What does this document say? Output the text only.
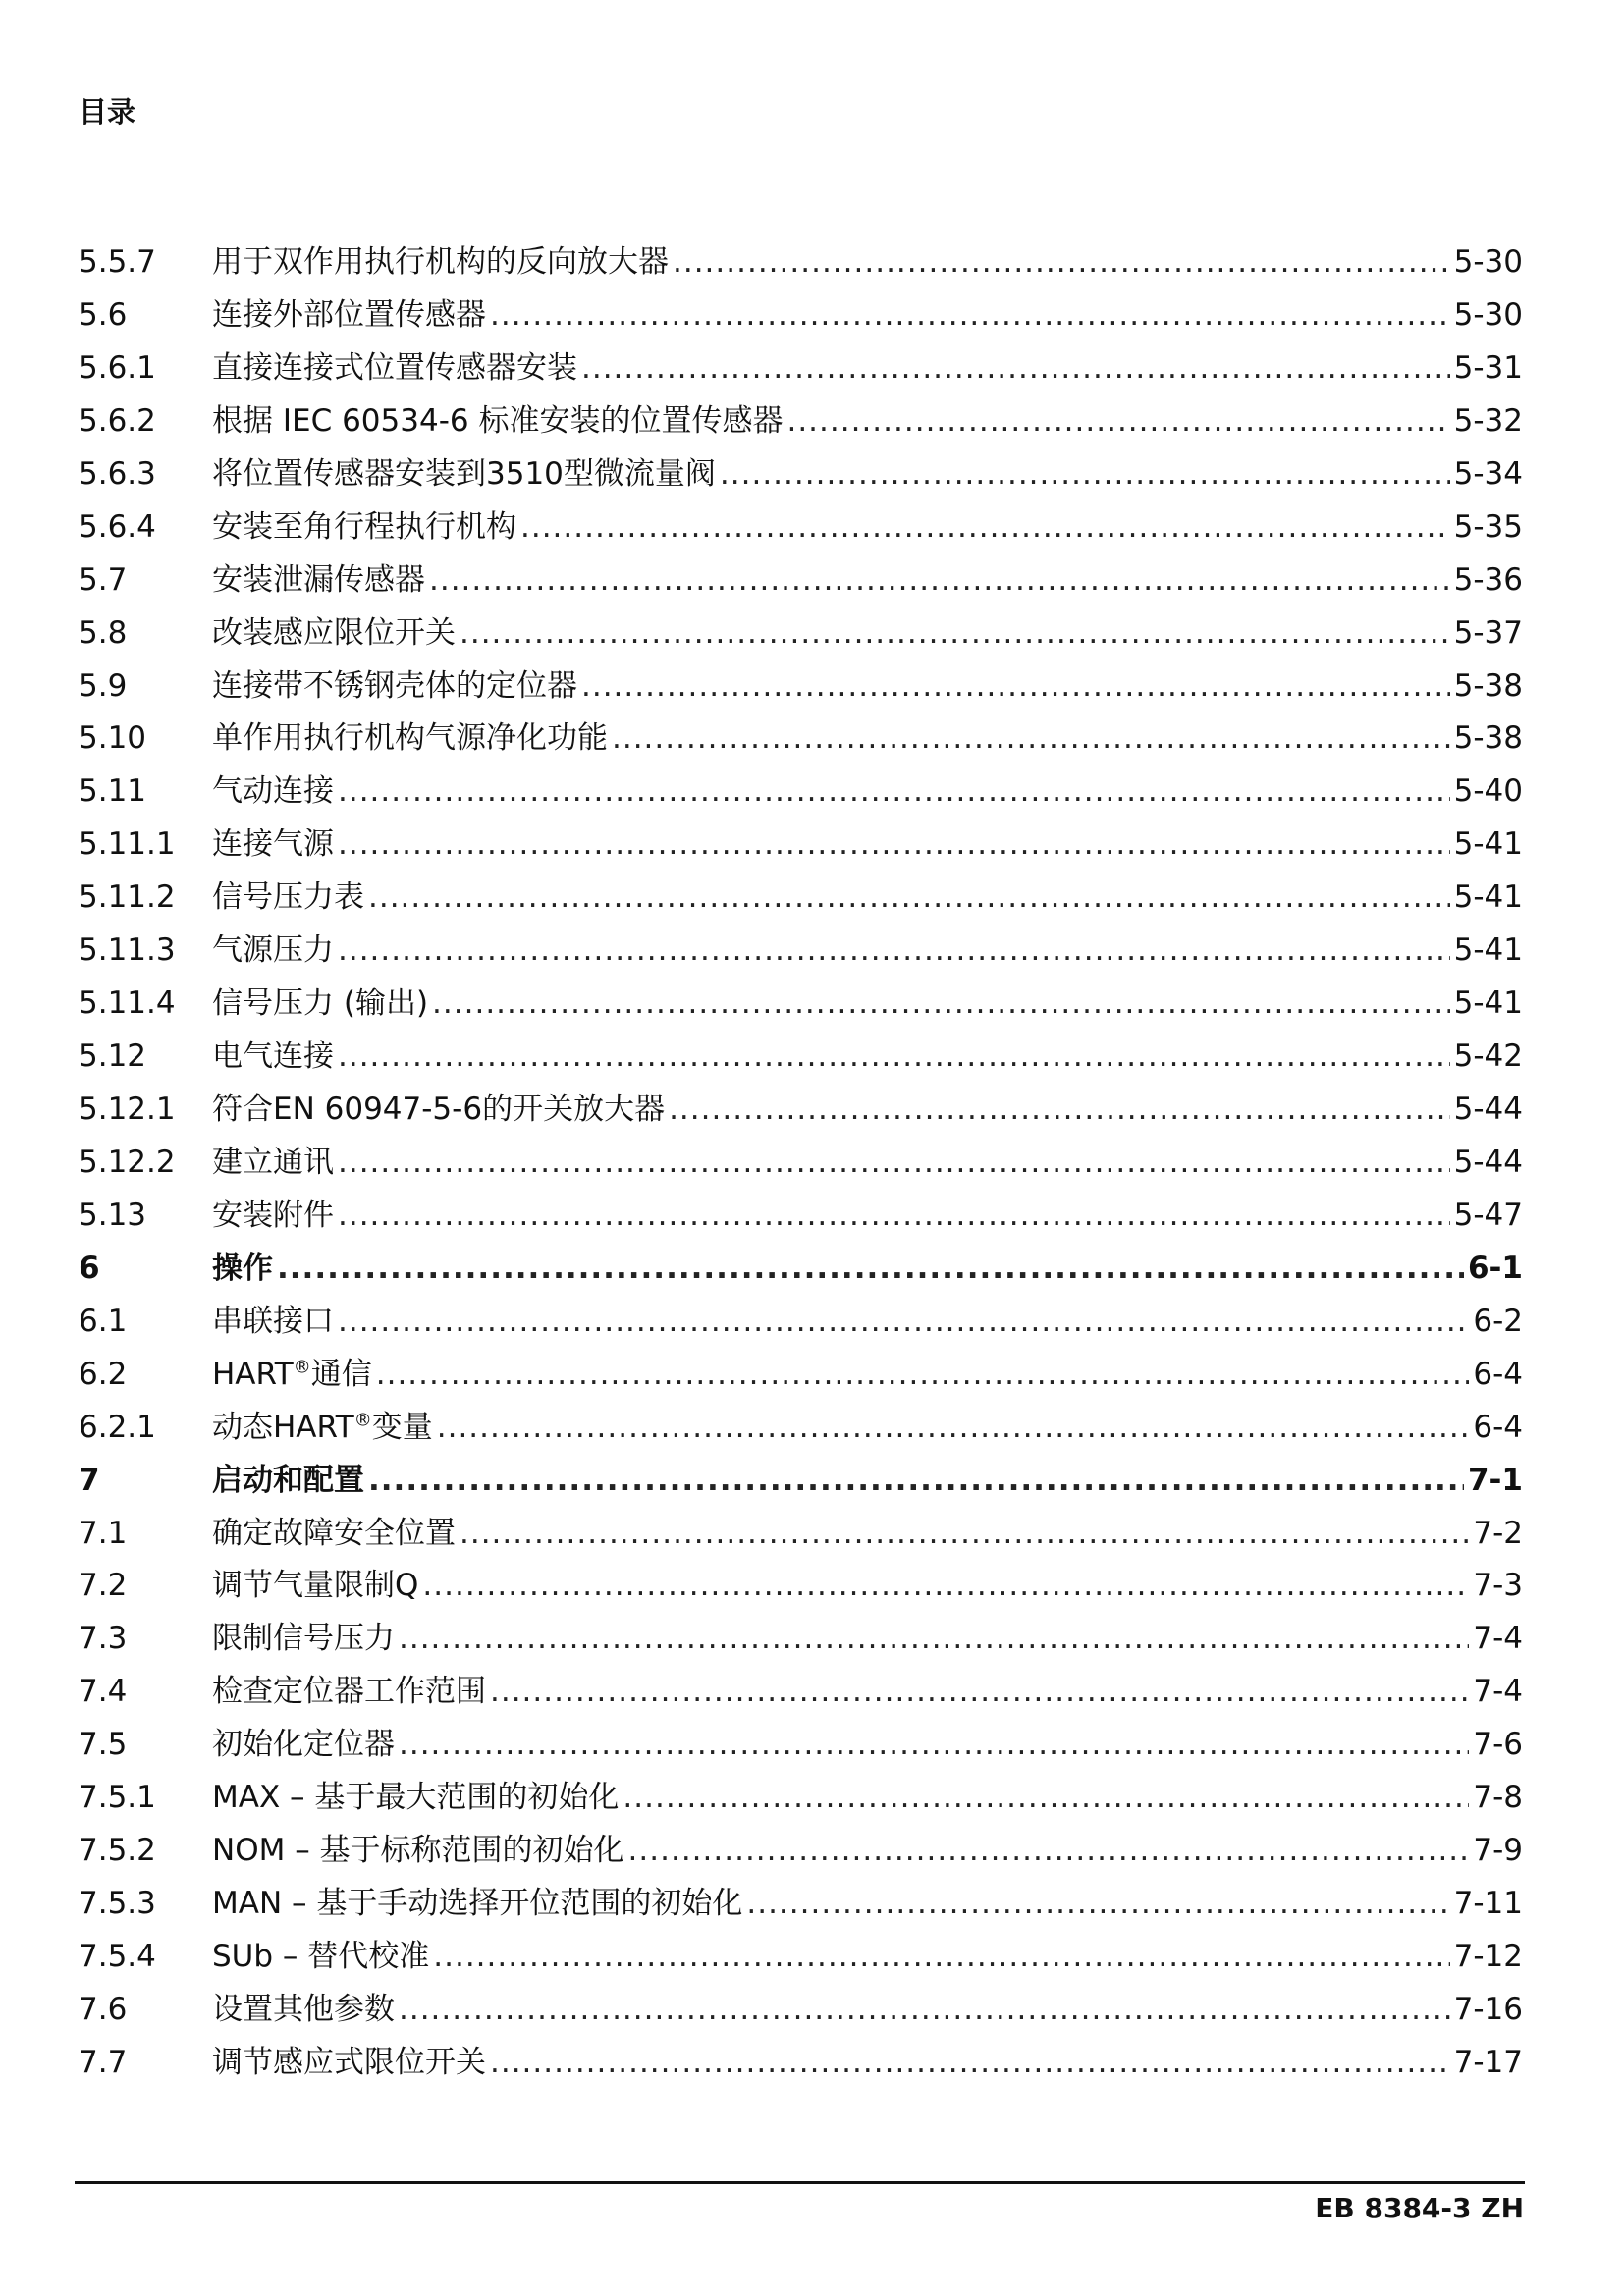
目录
5.5.7	用于双作用执行机构的反向放大器 .....	5-30
5.6	连接外部位置传感器 .....	5-30
5.6.1	直接连接式位置传感器安装 .....	5-31
5.6.2	根据 IEC 60534-6 标准安装的位置传感器 .....	5-32
5.6.3	将位置传感器安装到3510型微流量阀 .....	5-34
5.6.4	安装至角行程执行机构 .....	5-35
5.7	安装泄漏传感器 .....	5-36
5.8	改装感应限位开关 .....	5-37
5.9	连接带不锈钢壳体的定位器 .....	5-38
5.10	单作用执行机构气源净化功能 .....	5-38
5.11	气动连接 .....	5-40
5.11.1	连接气源 .....	5-41
5.11.2	信号压力表 .....	5-41
5.11.3	气源压力 .....	5-41
5.11.4	信号压力 (输出) .....	5-41
5.12	电气连接 .....	5-42
5.12.1	符合EN 60947-5-6的开关放大器 .....	5-44
5.12.2	建立通讯 .....	5-44
5.13	安装附件 .....	5-47
6	操作 .....	6-1
6.1	串联接口 .....	6-2
6.2	HART®通信 .....	6-4
6.2.1	动态HART®变量 .....	6-4
7	启动和配置 .....	7-1
7.1	确定故障安全位置 .....	7-2
7.2	调节气量限制Q .....	7-3
7.3	限制信号压力 .....	7-4
7.4	检查定位器工作范围 .....	7-4
7.5	初始化定位器 .....	7-6
7.5.1	MAX – 基于最大范围的初始化 .....	7-8
7.5.2	NOM – 基于标称范围的初始化 .....	7-9
7.5.3	MAN – 基于手动选择开位范围的初始化 .....	7-11
7.5.4	SUb – 替代校准 .....	7-12
7.6	设置其他参数 .....	7-16
7.7	调节感应式限位开关 .....	7-17
EB 8384-3 ZH
